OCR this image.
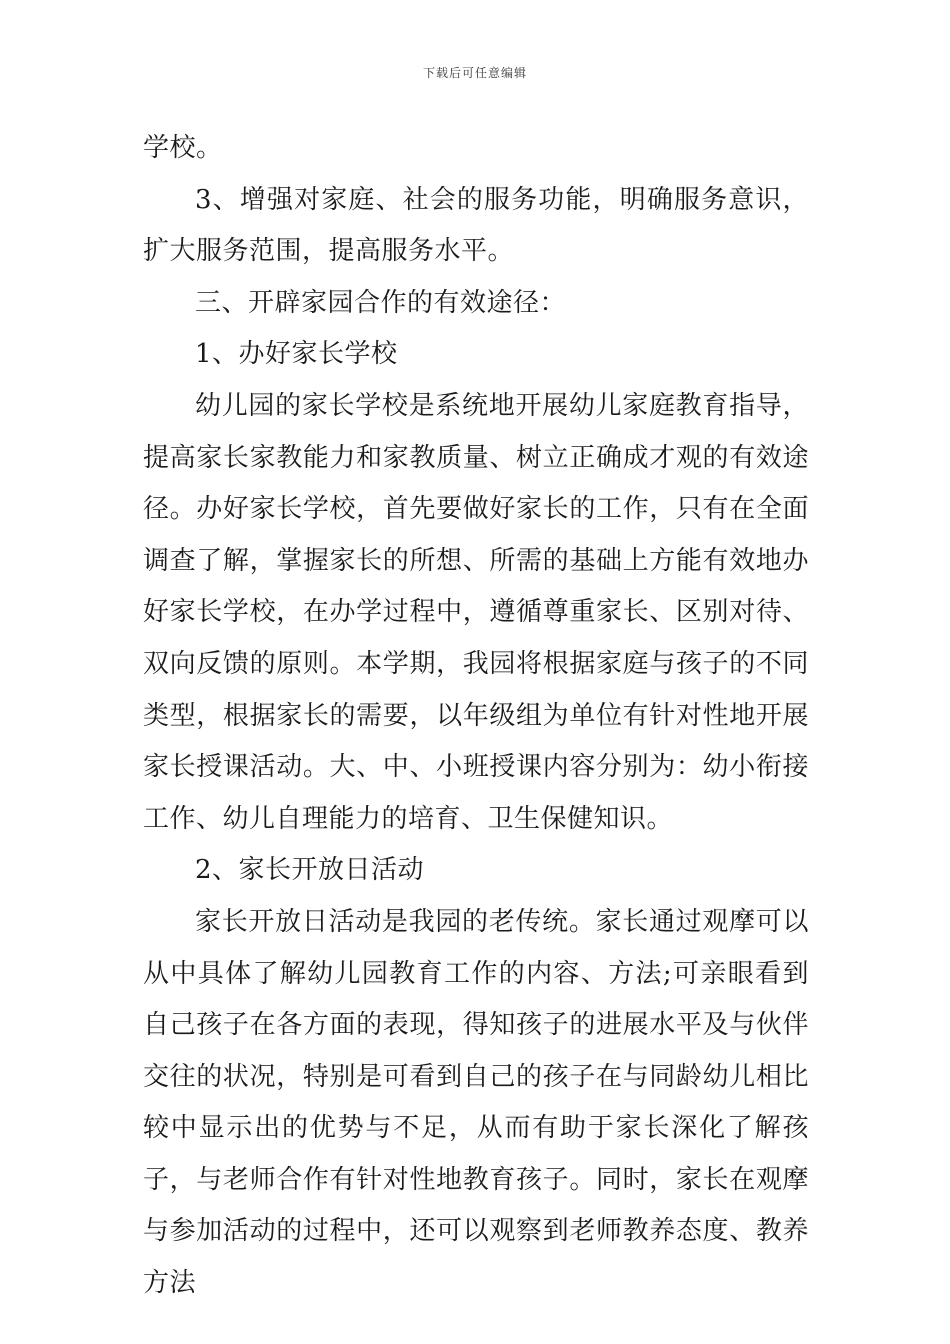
下载后可任意编辑

学校。

3、增强对家庭、社会的服务功能，明确服务意识，扩大服务范围，提高服务水平。

三、开辟家园合作的有效途径：

1、办好家长学校

幼儿园的家长学校是系统地开展幼儿家庭教育指导，提高家长家教能力和家教质量、树立正确成才观的有效途径。办好家长学校，首先要做好家长的工作，只有在全面调查了解，掌握家长的所想、所需的基础上方能有效地办好家长学校，在办学过程中，遵循尊重家长、区别对待、双向反馈的原则。本学期，我园将根据家庭与孩子的不同类型，根据家长的需要，以年级组为单位有针对性地开展家长授课活动。大、中、小班授课内容分别为：幼小衔接工作、幼儿自理能力的培育、卫生保健知识。

2、家长开放日活动

家长开放日活动是我园的老传统。家长通过观摩可以从中具体了解幼儿园教育工作的内容、方法;可亲眼看到自己孩子在各方面的表现，得知孩子的进展水平及与伙伴交往的状况，特别是可看到自己的孩子在与同龄幼儿相比较中显示出的优势与不足，从而有助于家长深化了解孩子，与老师合作有针对性地教育孩子。同时，家长在观摩与参加活动的过程中，还可以观察到老师教养态度、教养方法
